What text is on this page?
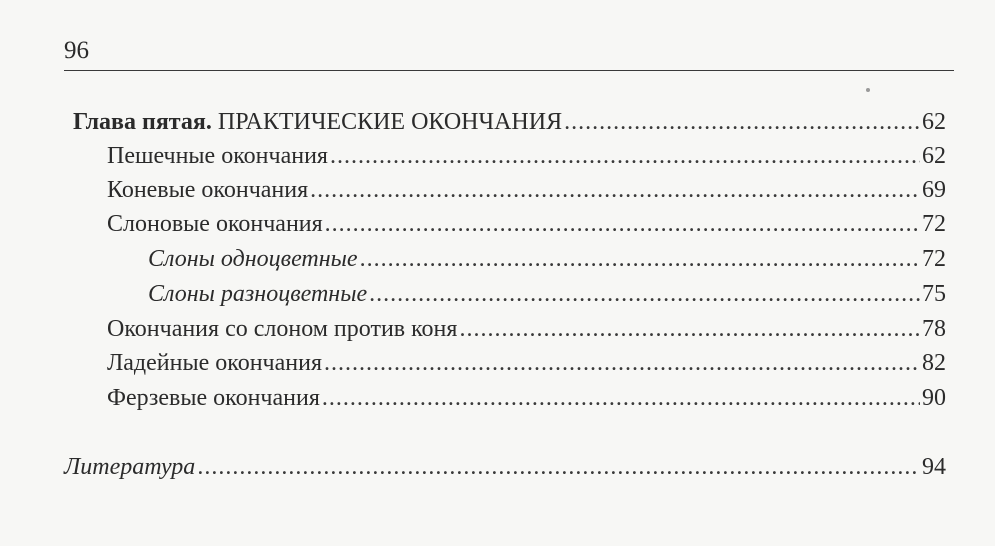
96
Глава пятая. ПРАКТИЧЕСКИЕ ОКОНЧАНИЯ .....	62
Пешечные окончания .....	62
Коневые окончания .....	69
Слоновые окончания .....	72
Слоны одноцветные .....	72
Слоны разноцветные .....	75
Окончания со слоном против коня .....	78
Ладейные окончания .....	82
Ферзевые окончания .....	90
Литература .....	94
